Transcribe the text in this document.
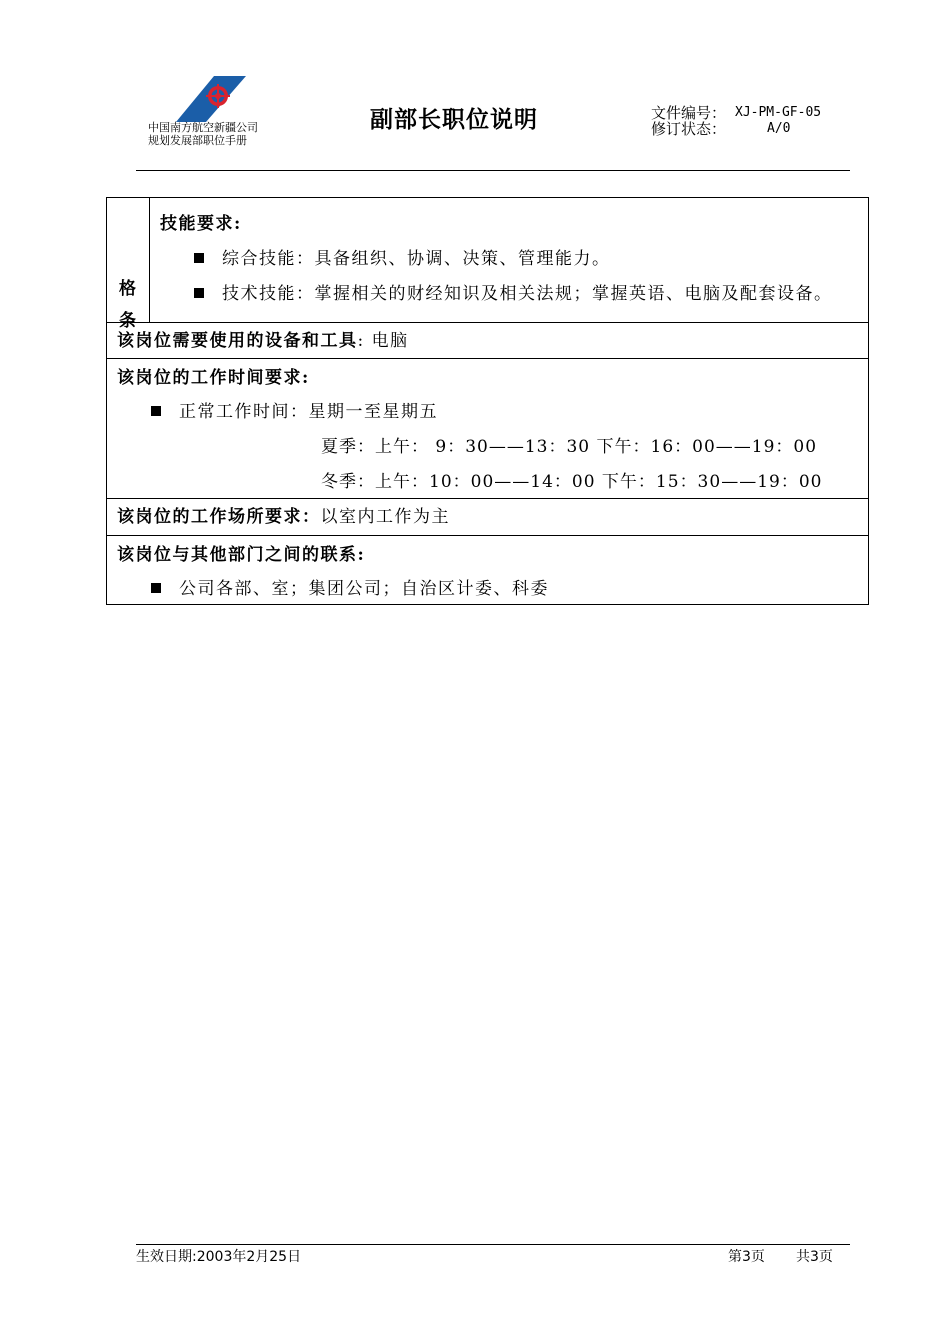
中国南方航空新疆公司
规划发展部职位手册
副部长职位说明	文件编号： XJ-PM-GF-05
修订状态：	A/0
格
条
技能要求:
综合技能：具备组织、协调、决策、管理能力。
技术技能：掌握相关的财经知识及相关法规；掌握英语、电脑及配套设备。
该岗位需要使用的设备和工具: 电脑
该岗位的工作时间要求:
正常工作时间：星期一至星期五
夏季：上午： 9：30——13：30 下午：16：00——19：00
冬季：上午：10：00——14：00 下午：15：30——19：00
该岗位的工作场所要求：以室内工作为主
该岗位与其他部门之间的联系:
公司各部、室；集团公司；自治区计委、科委
生效日期:2003年2月25日	第3页 共3页
